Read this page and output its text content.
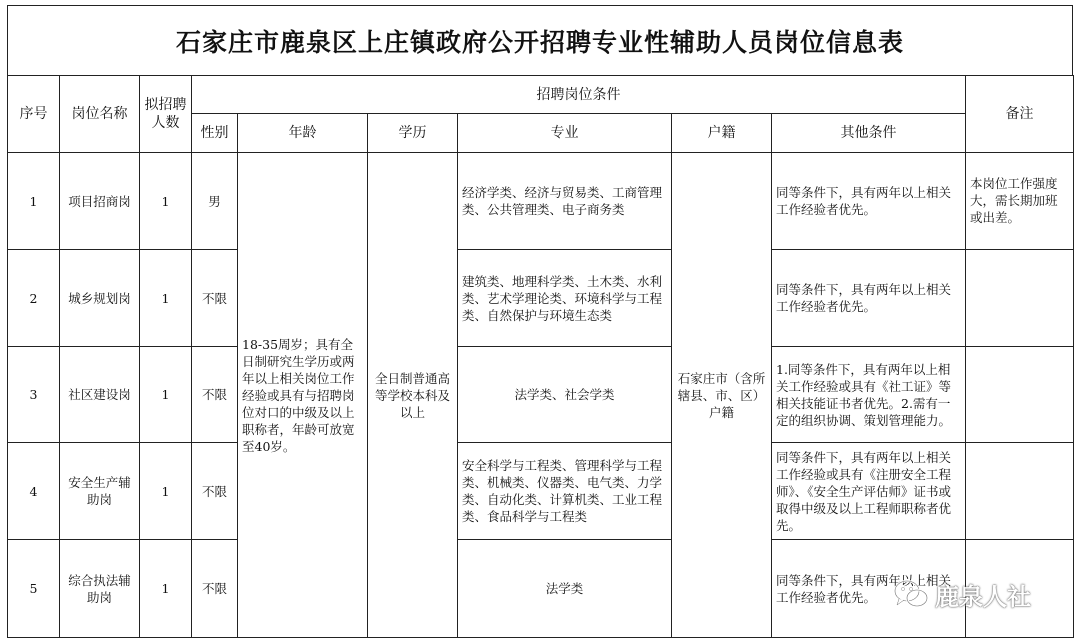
石家庄市鹿泉区上庄镇政府公开招聘专业性辅助人员岗位信息表
序号	岗位名称	拟招聘人数	招聘岗位条件						备注
			性别	年龄	学历	专业	户籍	其他条件	
1	项目招商岗	1	男	18-35周岁；具有全日制研究生学历或两年以上相关岗位工作经验或具有与招聘岗位对口的中级及以上职称者，年龄可放宽至40岁。	全日制普通高等学校本科及以上	经济学类、经济与贸易类、工商管理类、公共管理类、电子商务类	石家庄市（含所辖县、市、区）户籍	同等条件下，具有两年以上相关工作经验者优先。	本岗位工作强度大，需长期加班或出差。
2	城乡规划岗	1	不限			建筑类、地理科学类、土木类、水利类、艺术学理论类、环境科学与工程类、自然保护与环境生态类		同等条件下，具有两年以上相关工作经验者优先。	
3	社区建设岗	1	不限			法学类、社会学类		1.同等条件下，具有两年以上相关工作经验或具有《社工证》等相关技能证书者优先。2.需有一定的组织协调、策划管理能力。	
4	安全生产辅助岗	1	不限			安全科学与工程类、管理科学与工程类、机械类、仪器类、电气类、力学类、自动化类、计算机类、工业工程类、食品科学与工程类		同等条件下，具有两年以上相关工作经验或具有《注册安全工程师》、《安全生产评估师》证书或取得中级及以上工程师职称者优先。	
5	综合执法辅助岗	1	不限			法学类		同等条件下，具有两年以上相关工作经验者优先。	鹿泉人社
